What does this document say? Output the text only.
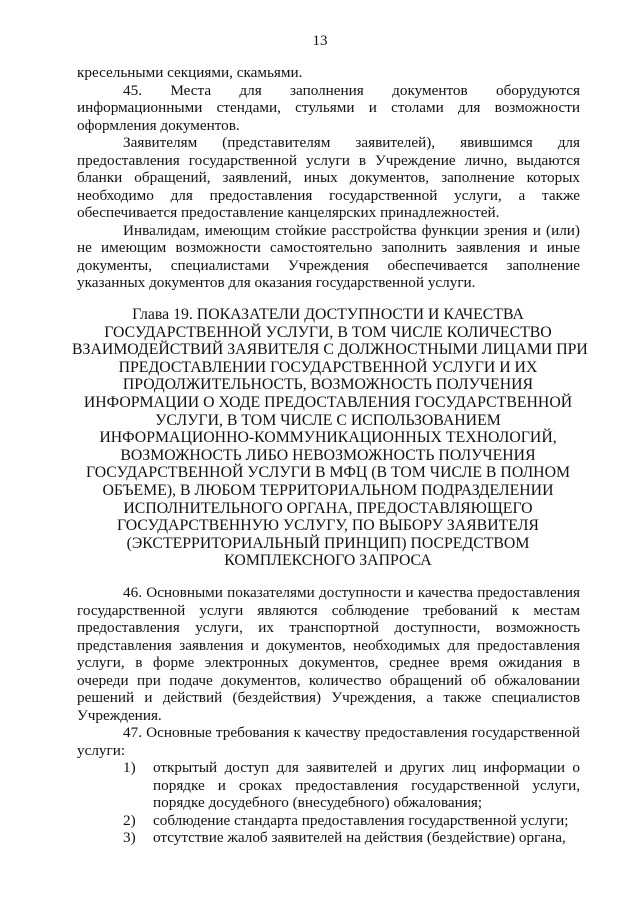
13

кресельными секциями, скамьями.

45. Места для заполнения документов оборудуются информационными стендами, стульями и столами для возможности оформления документов.

Заявителям (представителям заявителей), явившимся для предоставления государственной услуги в Учреждение лично, выдаются бланки обращений, заявлений, иных документов, заполнение которых необходимо для предоставления государственной услуги, а также обеспечивается предоставление канцелярских принадлежностей.

Инвалидам, имеющим стойкие расстройства функции зрения и (или) не имеющим возможности самостоятельно заполнить заявления и иные документы, специалистами Учреждения обеспечивается заполнение указанных документов для оказания государственной услуги.

Глава 19. ПОКАЗАТЕЛИ ДОСТУПНОСТИ И КАЧЕСТВА
ГОСУДАРСТВЕННОЙ УСЛУГИ, В ТОМ ЧИСЛЕ КОЛИЧЕСТВО
ВЗАИМОДЕЙСТВИЙ ЗАЯВИТЕЛЯ С ДОЛЖНОСТНЫМИ ЛИЦАМИ ПРИ
ПРЕДОСТАВЛЕНИИ ГОСУДАРСТВЕННОЙ УСЛУГИ И ИХ
ПРОДОЛЖИТЕЛЬНОСТЬ, ВОЗМОЖНОСТЬ ПОЛУЧЕНИЯ
ИНФОРМАЦИИ О ХОДЕ ПРЕДОСТАВЛЕНИЯ ГОСУДАРСТВЕННОЙ
УСЛУГИ, В ТОМ ЧИСЛЕ С ИСПОЛЬЗОВАНИЕМ
ИНФОРМАЦИОННО-КОММУНИКАЦИОННЫХ ТЕХНОЛОГИЙ,
ВОЗМОЖНОСТЬ ЛИБО НЕВОЗМОЖНОСТЬ ПОЛУЧЕНИЯ
ГОСУДАРСТВЕННОЙ УСЛУГИ В МФЦ (В ТОМ ЧИСЛЕ В ПОЛНОМ
ОБЪЕМЕ), В ЛЮБОМ ТЕРРИТОРИАЛЬНОМ ПОДРАЗДЕЛЕНИИ
ИСПОЛНИТЕЛЬНОГО ОРГАНА, ПРЕДОСТАВЛЯЮЩЕГО
ГОСУДАРСТВЕННУЮ УСЛУГУ, ПО ВЫБОРУ ЗАЯВИТЕЛЯ
(ЭКСТЕРРИТОРИАЛЬНЫЙ ПРИНЦИП) ПОСРЕДСТВОМ
КОМПЛЕКСНОГО ЗАПРОСА

46. Основными показателями доступности и качества предоставления государственной услуги являются соблюдение требований к местам предоставления услуги, их транспортной доступности, возможность представления заявления и документов, необходимых для предоставления услуги, в форме электронных документов, среднее время ожидания в очереди при подаче документов, количество обращений об обжаловании решений и действий (бездействия) Учреждения, а также специалистов Учреждения.

47. Основные требования к качеству предоставления государственной услуги:

1) открытый доступ для заявителей и других лиц информации о порядке и сроках предоставления государственной услуги, порядке досудебного (внесудебного) обжалования;

2) соблюдение стандарта предоставления государственной услуги;

3) отсутствие жалоб заявителей на действия (бездействие) органа,
